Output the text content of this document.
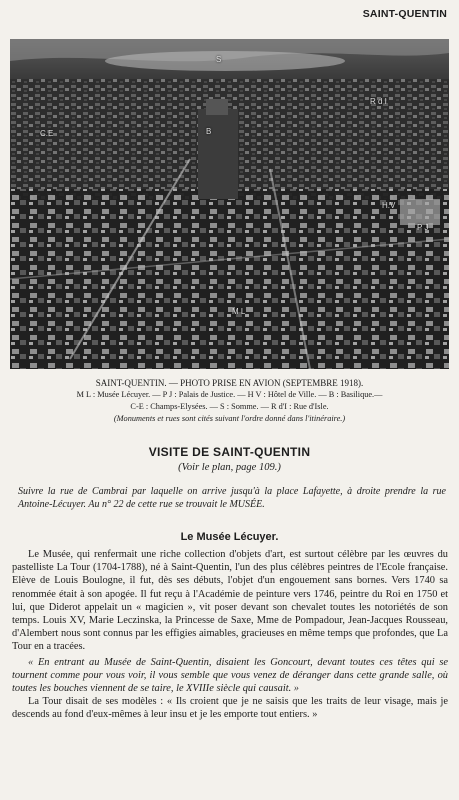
SAINT-QUENTIN
S
R d I
C.E	B
H.V
P J
M L
SAINT-QUENTIN. — PHOTO PRISE EN AVION (SEPTEMBRE 1918).
M L : Musée Lécuyer. — P J : Palais de Justice. — H V : Hôtel de Ville. — B : Basilique.—
C-E : Champs-Elysées. — S : Somme. — R d'I : Rue d'Isle.
(Monuments et rues sont cités suivant l'ordre donné dans l'itinéraire.)
VISITE DE SAINT-QUENTIN
(Voir le plan, page 109.)
Suivre la rue de Cambrai par laquelle on arrive jusqu'à la place Lafayette, à droite prendre la rue Antoine-Lécuyer. Au n° 22 de cette rue se trouvait le MUSÉE.
Le Musée Lécuyer.

Le Musée, qui renfermait une riche collection d'objets d'art, est surtout célèbre par les œuvres du pastelliste La Tour (1704-1788), né à Saint-Quentin, l'un des plus célèbres peintres de l'Ecole française. Elève de Louis Boulogne, il fut, dès ses débuts, l'objet d'un engouement sans bornes. Vers 1740 sa renommée était à son apogée. Il fut reçu à l'Académie de peinture vers 1746, peintre du Roi en 1750 et lui, que Diderot appelait un « magicien », vit poser devant son chevalet toutes les notoriétés de son temps. Louis XV, Marie Leczinska, la Princesse de Saxe, Mme de Pompadour, Jean-Jacques Rousseau, d'Alembert nous sont connus par les effigies aimables, gracieuses en même temps que profondes, que La Tour en a tracées.

« En entrant au Musée de Saint-Quentin, disaient les Goncourt, devant toutes ces têtes qui se tournent comme pour vous voir, il vous semble que vous venez de déranger dans cette grande salle, où toutes les bouches viennent de se taire, le XVIIIe siècle qui causait. »

La Tour disait de ses modèles : « Ils croient que je ne saisis que les traits de leur visage, mais je descends au fond d'eux-mêmes à leur insu et je les emporte tout entiers. »
